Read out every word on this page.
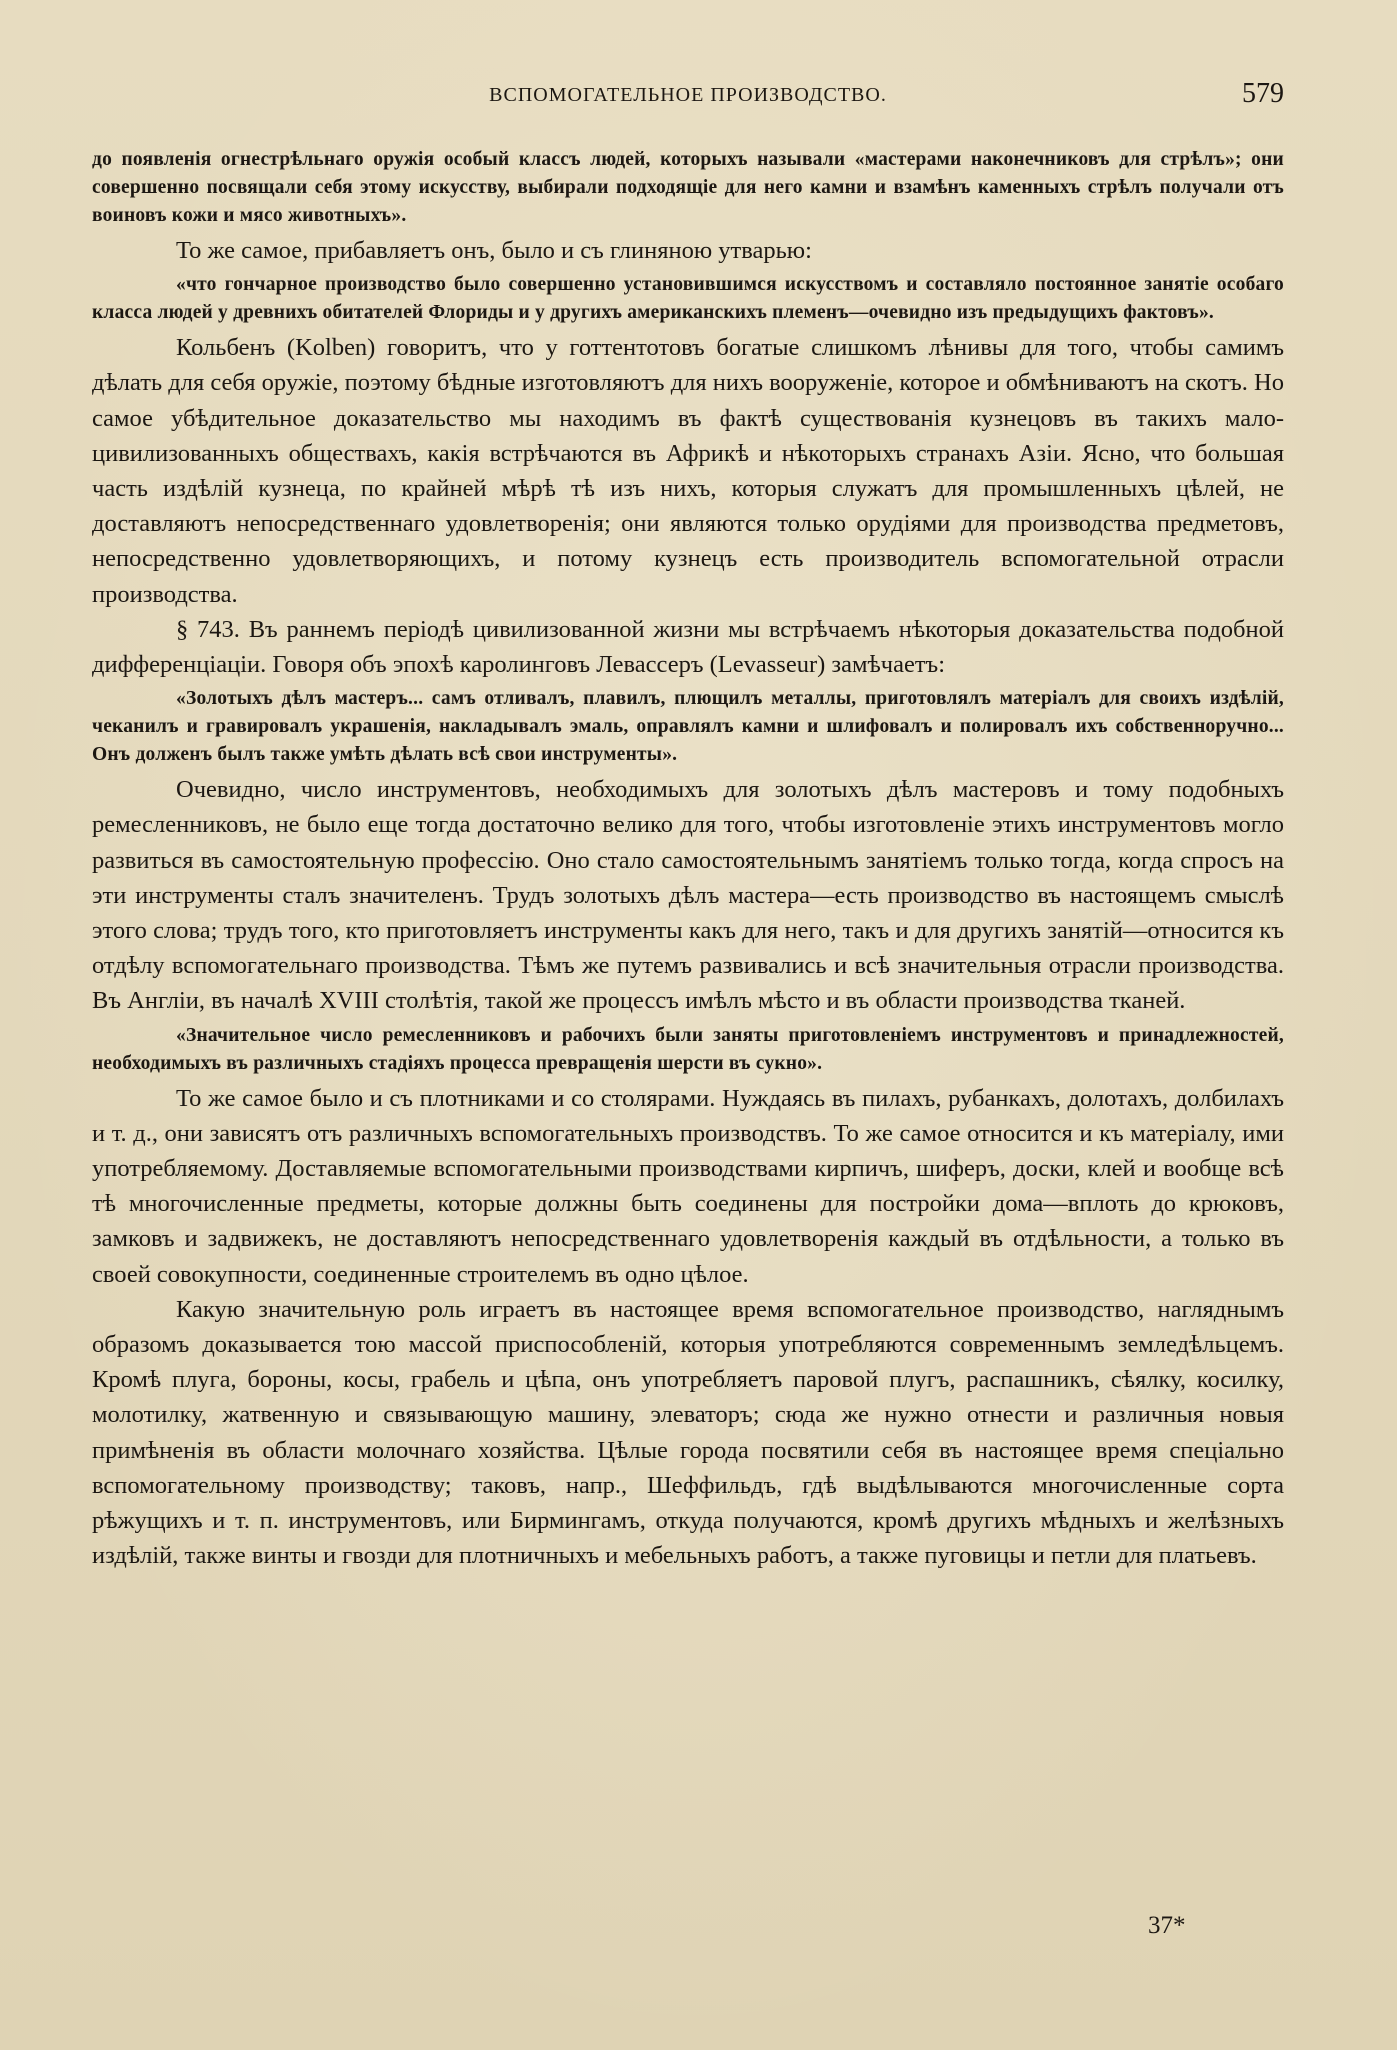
ВСПОМОГАТЕЛЬНОЕ ПРОИЗВОДСТВО.	579

до появленія огнестрѣльнаго оружія особый классъ людей, которыхъ называли «мастерами наконечниковъ для стрѣлъ»; они совершенно посвящали себя этому искусству, выбирали подходящіе для него камни и взамѣнъ каменныхъ стрѣлъ получали отъ воиновъ кожи и мясо животныхъ».

То же самое, прибавляетъ онъ, было и съ глиняною утварью:

«что гончарное производство было совершенно установившимся искусствомъ и составляло постоянное занятіе особаго класса людей у древнихъ обитателей Флориды и у другихъ американскихъ племенъ—очевидно изъ предыдущихъ фактовъ».

Кольбенъ (Kolben) говоритъ, что у готтентотовъ богатые слишкомъ лѣнивы для того, чтобы самимъ дѣлать для себя оружіе, поэтому бѣдные изготовляютъ для нихъ вооруженіе, которое и обмѣниваютъ на скотъ. Но самое убѣдительное доказательство мы находимъ въ фактѣ существованія кузнецовъ въ такихъ мало-цивилизованныхъ обществахъ, какія встрѣчаются въ Африкѣ и нѣкоторыхъ странахъ Азіи. Ясно, что большая часть издѣлій кузнеца, по крайней мѣрѣ тѣ изъ нихъ, которыя служатъ для промышленныхъ цѣлей, не доставляютъ непосредственнаго удовлетворенія; они являются только орудіями для производства предметовъ, непосредственно удовлетворяющихъ, и потому кузнецъ есть производитель вспомогательной отрасли производства.

§ 743. Въ раннемъ періодѣ цивилизованной жизни мы встрѣчаемъ нѣкоторыя доказательства подобной дифференціаціи. Говоря объ эпохѣ каролинговъ Левассеръ (Levasseur) замѣчаетъ:

«Золотыхъ дѣлъ мастеръ... самъ отливалъ, плавилъ, плющилъ металлы, приготовлялъ матеріалъ для своихъ издѣлій, чеканилъ и гравировалъ украшенія, накладывалъ эмаль, оправлялъ камни и шлифовалъ и полировалъ ихъ собственноручно... Онъ долженъ былъ также умѣть дѣлать всѣ свои инструменты».

Очевидно, число инструментовъ, необходимыхъ для золотыхъ дѣлъ мастеровъ и тому подобныхъ ремесленниковъ, не было еще тогда достаточно велико для того, чтобы изготовленіе этихъ инструментовъ могло развиться въ самостоятельную профессію. Оно стало самостоятельнымъ занятіемъ только тогда, когда спросъ на эти инструменты сталъ значителенъ. Трудъ золотыхъ дѣлъ мастера—есть производство въ настоящемъ смыслѣ этого слова; трудъ того, кто приготовляетъ инструменты какъ для него, такъ и для другихъ занятій—относится къ отдѣлу вспомогательнаго производства. Тѣмъ же путемъ развивались и всѣ значительныя отрасли производства. Въ Англіи, въ началѣ XVIII столѣтія, такой же процессъ имѣлъ мѣсто и въ области производства тканей.

«Значительное число ремесленниковъ и рабочихъ были заняты приготовленіемъ инструментовъ и принадлежностей, необходимыхъ въ различныхъ стадіяхъ процесса превращенія шерсти въ сукно».

То же самое было и съ плотниками и со столярами. Нуждаясь въ пилахъ, рубанкахъ, долотахъ, долбилахъ и т. д., они зависятъ отъ различныхъ вспомогательныхъ производствъ. То же самое относится и къ матеріалу, ими употребляемому. Доставляемые вспомогательными производствами кирпичъ, шиферъ, доски, клей и вообще всѣ тѣ многочисленные предметы, которые должны быть соединены для постройки дома—вплоть до крюковъ, замковъ и задвижекъ, не доставляютъ непосредственнаго удовлетворенія каждый въ отдѣльности, а только въ своей совокупности, соединенные строителемъ въ одно цѣлое.

Какую значительную роль играетъ въ настоящее время вспомогательное производство, нагляднымъ образомъ доказывается тою массой приспособленій, которыя употребляются современнымъ земледѣльцемъ. Кромѣ плуга, бороны, косы, грабель и цѣпа, онъ употребляетъ паровой плугъ, распашникъ, сѣялку, косилку, молотилку, жатвенную и связывающую машину, элеваторъ; сюда же нужно отнести и различныя новыя примѣненія въ области молочнаго хозяйства. Цѣлые города посвятили себя въ настоящее время спеціально вспомогательному производству; таковъ, напр., Шеффильдъ, гдѣ выдѣлываются многочисленные сорта рѣжущихъ и т. п. инструментовъ, или Бирмингамъ, откуда получаются, кромѣ другихъ мѣдныхъ и желѣзныхъ издѣлій, также винты и гвозди для плотничныхъ и мебельныхъ работъ, а также пуговицы и петли для платьевъ.

37*
